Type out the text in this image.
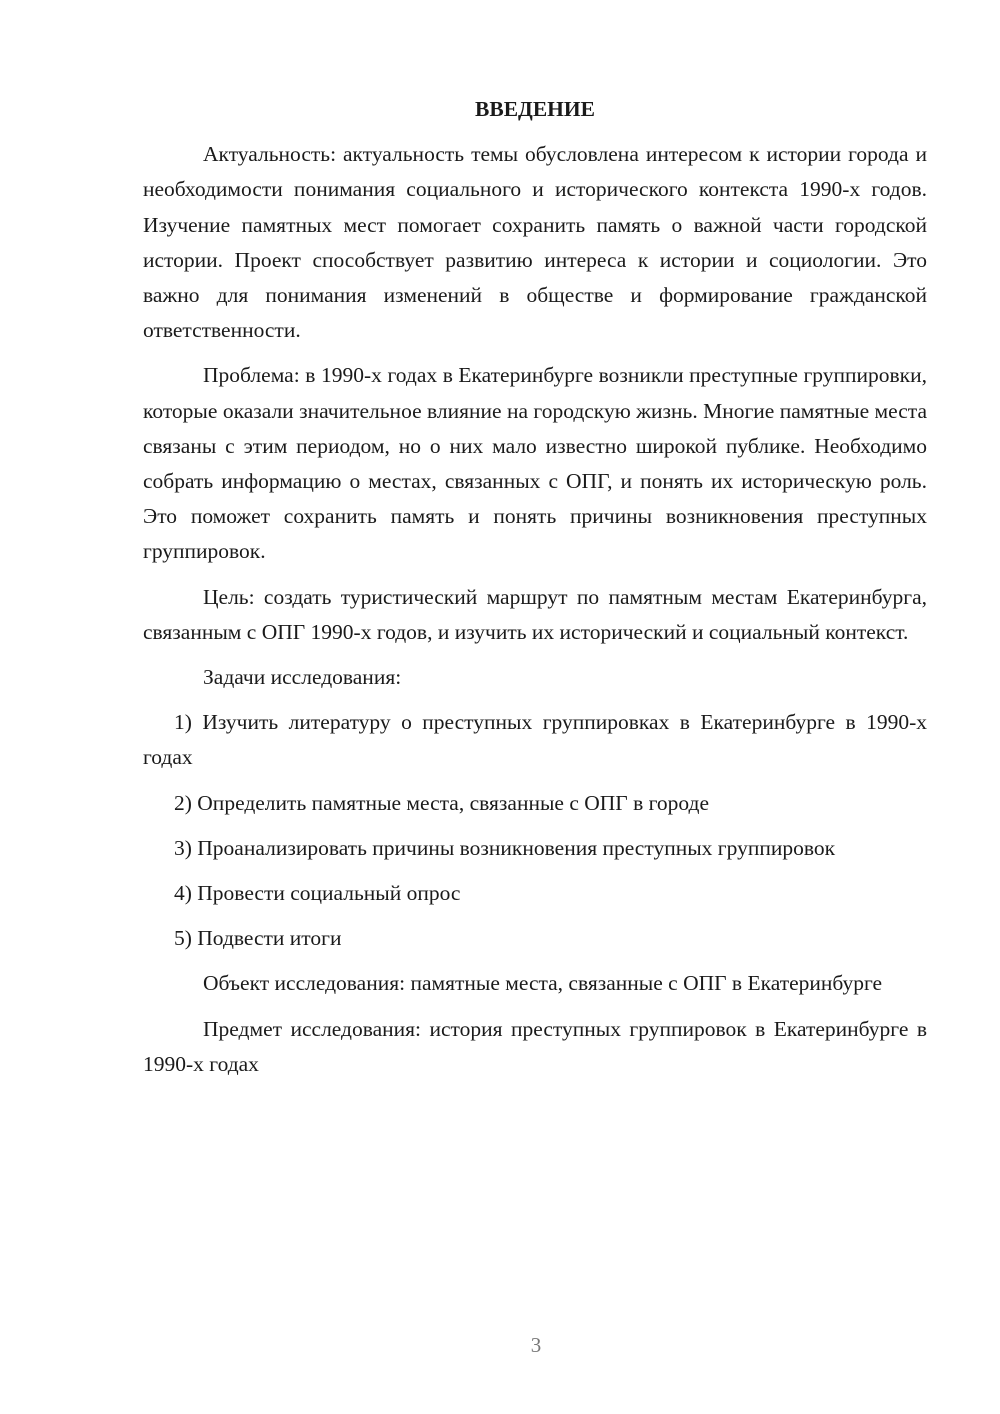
ВВЕДЕНИЕ

Актуальность: актуальность темы обусловлена интересом к истории города и необходимости понимания социального и исторического контекста 1990-х годов. Изучение памятных мест помогает сохранить память о важной части городской истории. Проект способствует развитию интереса к истории и социологии. Это важно для понимания изменений в обществе и формирование гражданской ответственности.

Проблема: в 1990-х годах в Екатеринбурге возникли преступные группировки, которые оказали значительное влияние на городскую жизнь. Многие памятные места связаны с этим периодом, но о них мало известно широкой публике. Необходимо собрать информацию о местах, связанных с ОПГ, и понять их историческую роль. Это поможет сохранить память и понять причины возникновения преступных группировок.

Цель: создать туристический маршрут по памятным местам Екатеринбурга, связанным с ОПГ 1990-х годов, и изучить их исторический и социальный контекст.

Задачи исследования:

1) Изучить литературу о преступных группировках в Екатеринбурге в 1990-х годах

2) Определить памятные места, связанные с ОПГ в городе

3) Проанализировать причины возникновения преступных группировок

4) Провести социальный опрос

5) Подвести итоги

Объект исследования: памятные места, связанные с ОПГ в Екатеринбурге

Предмет исследования: история преступных группировок в Екатеринбурге в 1990-х годах

3
